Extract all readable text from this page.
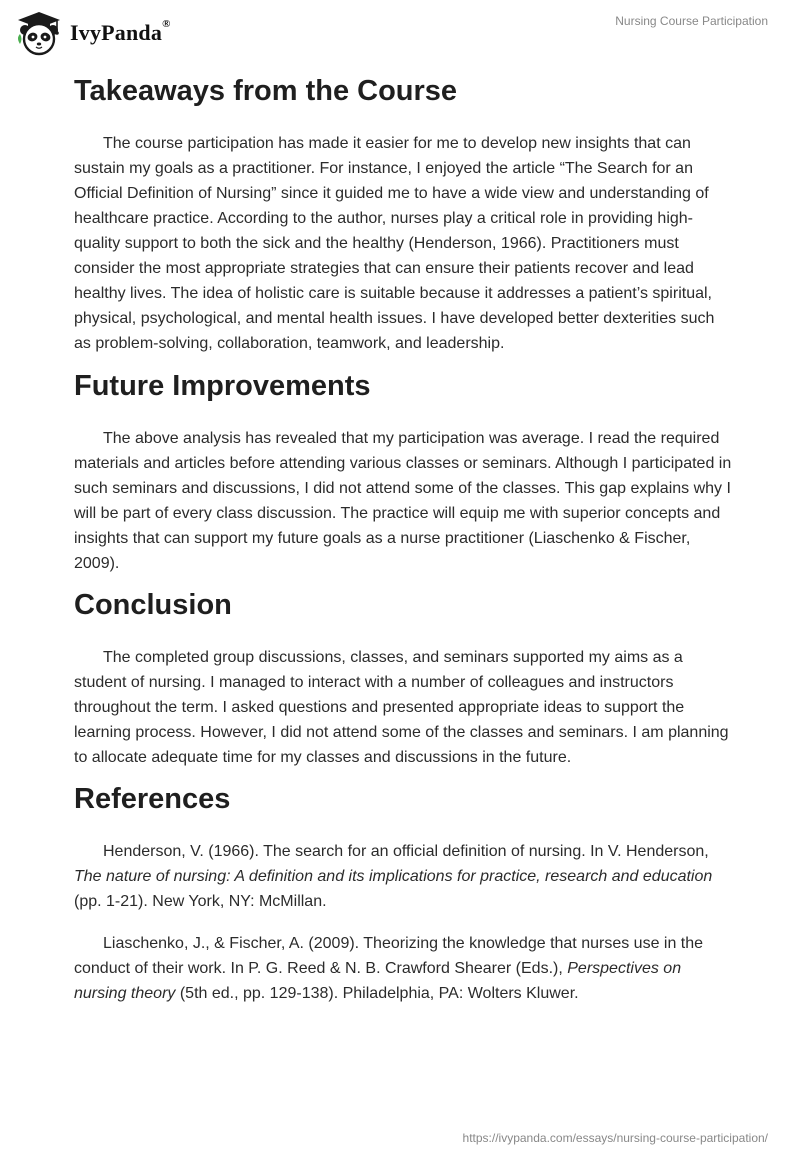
IvyPanda®	Nursing Course Participation
Takeaways from the Course

The course participation has made it easier for me to develop new insights that can sustain my goals as a practitioner. For instance, I enjoyed the article “The Search for an Official Definition of Nursing” since it guided me to have a wide view and understanding of healthcare practice. According to the author, nurses play a critical role in providing high-quality support to both the sick and the healthy (Henderson, 1966). Practitioners must consider the most appropriate strategies that can ensure their patients recover and lead healthy lives. The idea of holistic care is suitable because it addresses a patient’s spiritual, physical, psychological, and mental health issues. I have developed better dexterities such as problem-solving, collaboration, teamwork, and leadership.

Future Improvements

The above analysis has revealed that my participation was average. I read the required materials and articles before attending various classes or seminars. Although I participated in such seminars and discussions, I did not attend some of the classes. This gap explains why I will be part of every class discussion. The practice will equip me with superior concepts and insights that can support my future goals as a nurse practitioner (Liaschenko & Fischer, 2009).

Conclusion

The completed group discussions, classes, and seminars supported my aims as a student of nursing. I managed to interact with a number of colleagues and instructors throughout the term. I asked questions and presented appropriate ideas to support the learning process. However, I did not attend some of the classes and seminars. I am planning to allocate adequate time for my classes and discussions in the future.

References

Henderson, V. (1966). The search for an official definition of nursing. In V. Henderson, The nature of nursing: A definition and its implications for practice, research and education (pp. 1-21). New York, NY: McMillan.

Liaschenko, J., & Fischer, A. (2009). Theorizing the knowledge that nurses use in the conduct of their work. In P. G. Reed & N. B. Crawford Shearer (Eds.), Perspectives on nursing theory (5th ed., pp. 129-138). Philadelphia, PA: Wolters Kluwer.

https://ivypanda.com/essays/nursing-course-participation/
